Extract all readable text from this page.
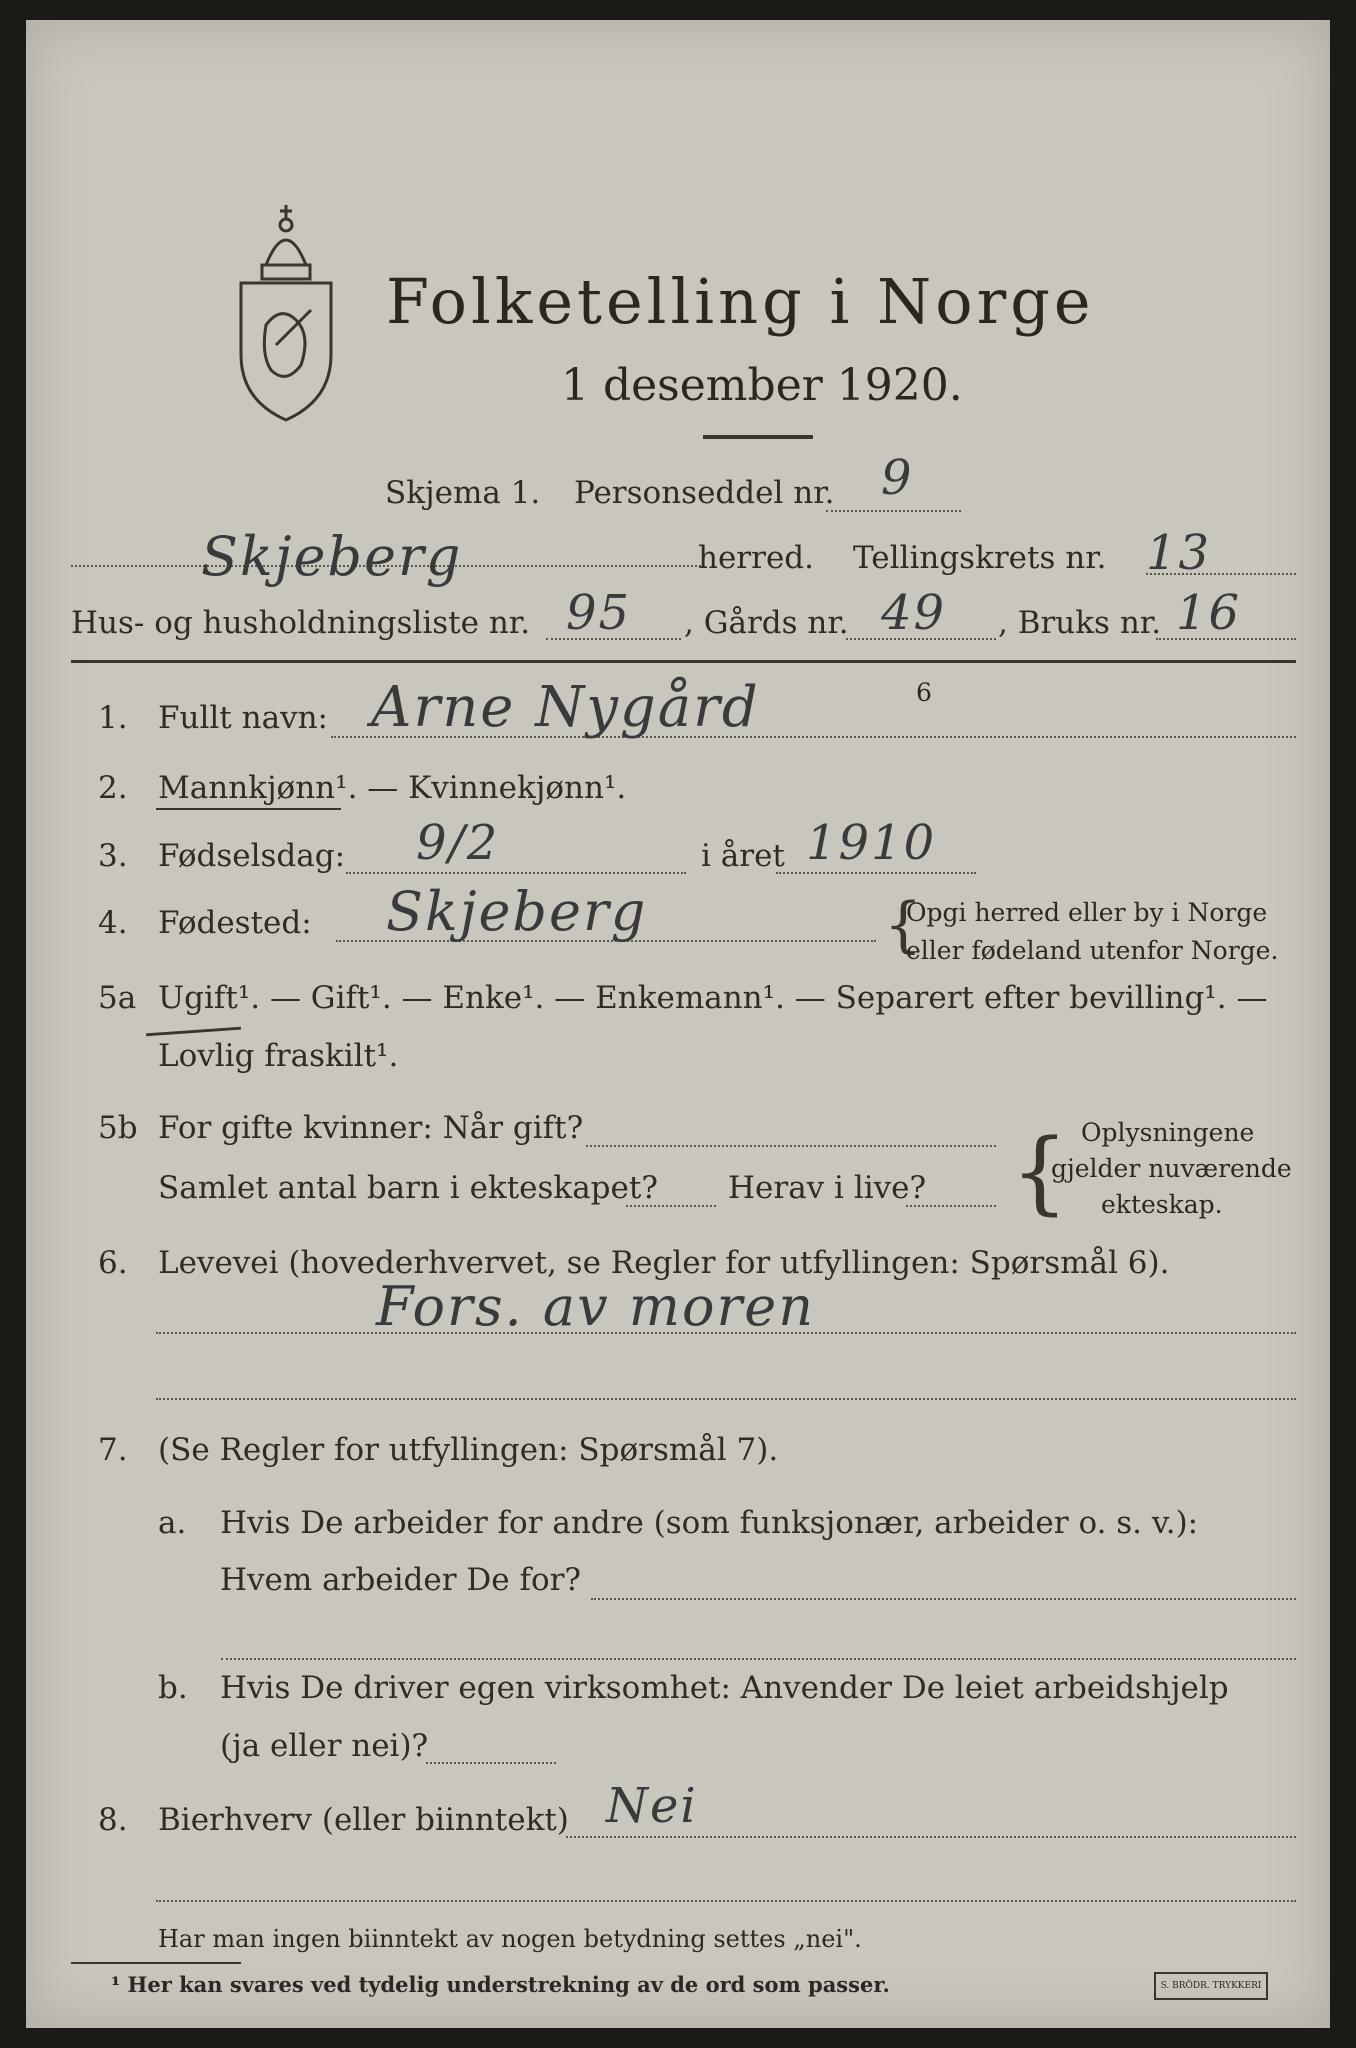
Folketelling i Norge
1 desember 1920.
Skjema 1. Personseddel nr. 9
Skjeberg	herred. Tellingskrets nr. 13
Hus- og husholdningsliste nr. 95 , Gårds nr. 49 , Bruks nr. 16
1. Fullt navn: Arne Nygård	6
2. Mannkjønn¹. — Kvinnekjønn¹.
3. Fødselsdag: 9/2	i året 1910
4. Fødested: Skjeberg	{
Opgi herred eller by i Norge
eller fødeland utenfor Norge.
5a Ugift¹. — Gift¹. — Enke¹. — Enkemann¹. — Separert efter bevilling¹. —
Lovlig fraskilt¹.
5b For gifte kvinner: Når gift?
Samlet antal barn i ekteskapet? Herav i live? { Oplysningene
gjelder nuværende
ekteskap.
6. Levevei (hovederhvervet, se Regler for utfyllingen: Spørsmål 6).
Fors. av moren
7. (Se Regler for utfyllingen: Spørsmål 7).
a. Hvis De arbeider for andre (som funksjonær, arbeider o. s. v.):
Hvem arbeider De for?
b. Hvis De driver egen virksomhet: Anvender De leiet arbeidshjelp
(ja eller nei)?
8. Bierhverv (eller biinntekt) Nei
Har man ingen biinntekt av nogen betydning settes „nei".
¹ Her kan svares ved tydelig understrekning av de ord som passer.	S. BRÖDR. TRYKKERI
